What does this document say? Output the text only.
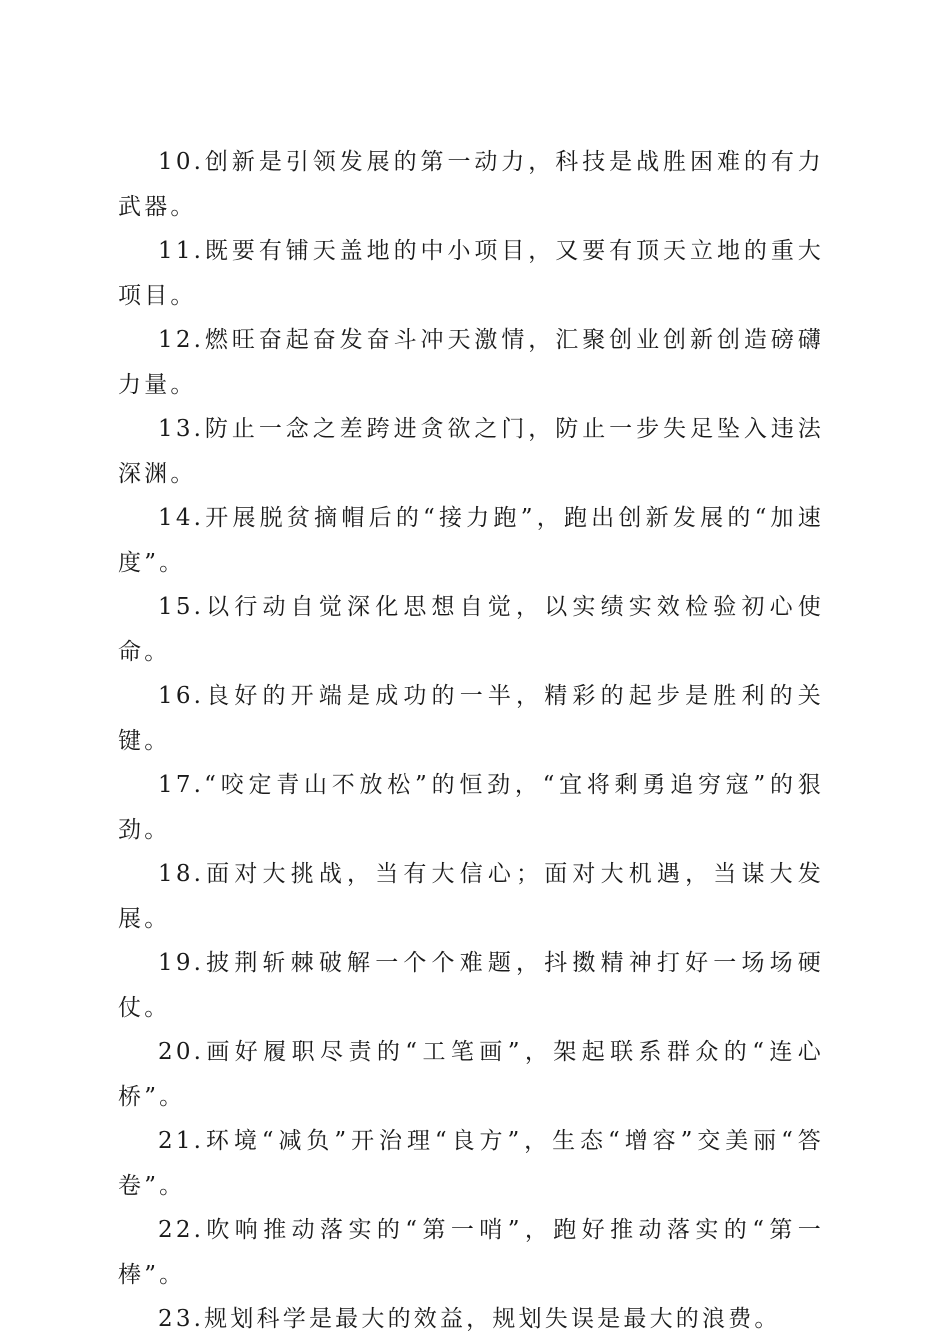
10.创新是引领发展的第一动力，科技是战胜困难的有力武器。

11.既要有铺天盖地的中小项目，又要有顶天立地的重大项目。

12.燃旺奋起奋发奋斗冲天激情，汇聚创业创新创造磅礴力量。

13.防止一念之差跨进贪欲之门，防止一步失足坠入违法深渊。

14.开展脱贫摘帽后的“接力跑”，跑出创新发展的“加速度”。

15.以行动自觉深化思想自觉，以实绩实效检验初心使命。

16.良好的开端是成功的一半，精彩的起步是胜利的关键。

17.“咬定青山不放松”的恒劲，“宜将剩勇追穷寇”的狠劲。

18.面对大挑战，当有大信心；面对大机遇，当谋大发展。

19.披荆斩棘破解一个个难题，抖擞精神打好一场场硬仗。

20.画好履职尽责的“工笔画”，架起联系群众的“连心桥”。

21.环境“减负”开治理“良方”，生态“增容”交美丽“答卷”。

22.吹响推动落实的“第一哨”，跑好推动落实的“第一棒”。

23.规划科学是最大的效益，规划失误是最大的浪费。
